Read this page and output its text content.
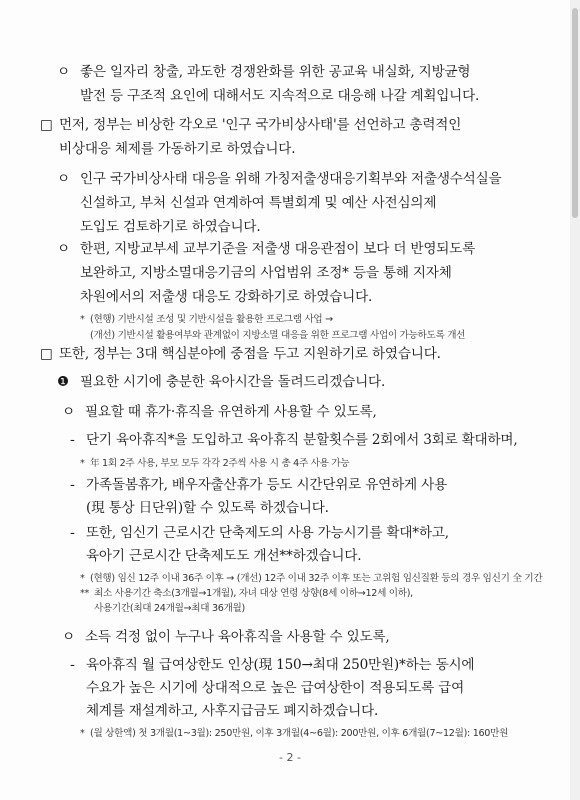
ㅇ 좋은 일자리 창출, 과도한 경쟁완화를 위한 공교육 내실화, 지방균형
발전 등 구조적 요인에 대해서도 지속적으로 대응해 나갈 계획입니다.
□ 먼저, 정부는 비상한 각오로 '인구 국가비상사태'를 선언하고 총력적인
비상대응 체제를 가동하기로 하였습니다.
ㅇ 인구 국가비상사태 대응을 위해 가칭저출생대응기획부와 저출생수석실을
신설하고, 부처 신설과 연계하여 특별회계 및 예산 사전심의제
도입도 검토하기로 하였습니다.
ㅇ 한편, 지방교부세 교부기준을 저출생 대응관점이 보다 더 반영되도록
보완하고, 지방소멸대응기금의 사업범위 조정* 등을 통해 지자체
차원에서의 저출생 대응도 강화하기로 하였습니다.
* (현행) 기반시설 조성 및 기반시설을 활용한 프로그램 사업 →
(개선) 기반시설 활용여부와 관계없이 지방소멸 대응을 위한 프로그램 사업이 가능하도록 개선
□ 또한, 정부는 3대 핵심분야에 중점을 두고 지원하기로 하였습니다.
❶ 필요한 시기에 충분한 육아시간을 돌려드리겠습니다.
ㅇ 필요할 때 휴가·휴직을 유연하게 사용할 수 있도록,
- 단기 육아휴직*을 도입하고 육아휴직 분할횟수를 2회에서 3회로 확대하며,
* 年 1회 2주 사용, 부모 모두 각각 2주씩 사용 시 총 4주 사용 가능
- 가족돌봄휴가, 배우자출산휴가 등도 시간단위로 유연하게 사용
(現 통상 日단위)할 수 있도록 하겠습니다.
- 또한, 임신기 근로시간 단축제도의 사용 가능시기를 확대*하고,
육아기 근로시간 단축제도도 개선**하겠습니다.
* (현행) 임신 12주 이내 36주 이후 → (개선) 12주 이내 32주 이후 또는 고위험 임신질환 등의 경우 임신기 全 기간
** 최소 사용기간 축소(3개월→1개월), 자녀 대상 연령 상향(8세 이하→12세 이하),
사용기간(최대 24개월→최대 36개월)
ㅇ 소득 걱정 없이 누구나 육아휴직을 사용할 수 있도록,
- 육아휴직 월 급여상한도 인상(現 150→최대 250만원)*하는 동시에
수요가 높은 시기에 상대적으로 높은 급여상한이 적용되도록 급여
체계를 재설계하고, 사후지급금도 폐지하겠습니다.
* (월 상한액) 첫 3개월(1~3월): 250만원, 이후 3개월(4~6월): 200만원, 이후 6개월(7~12월): 160만원
- 2 -
